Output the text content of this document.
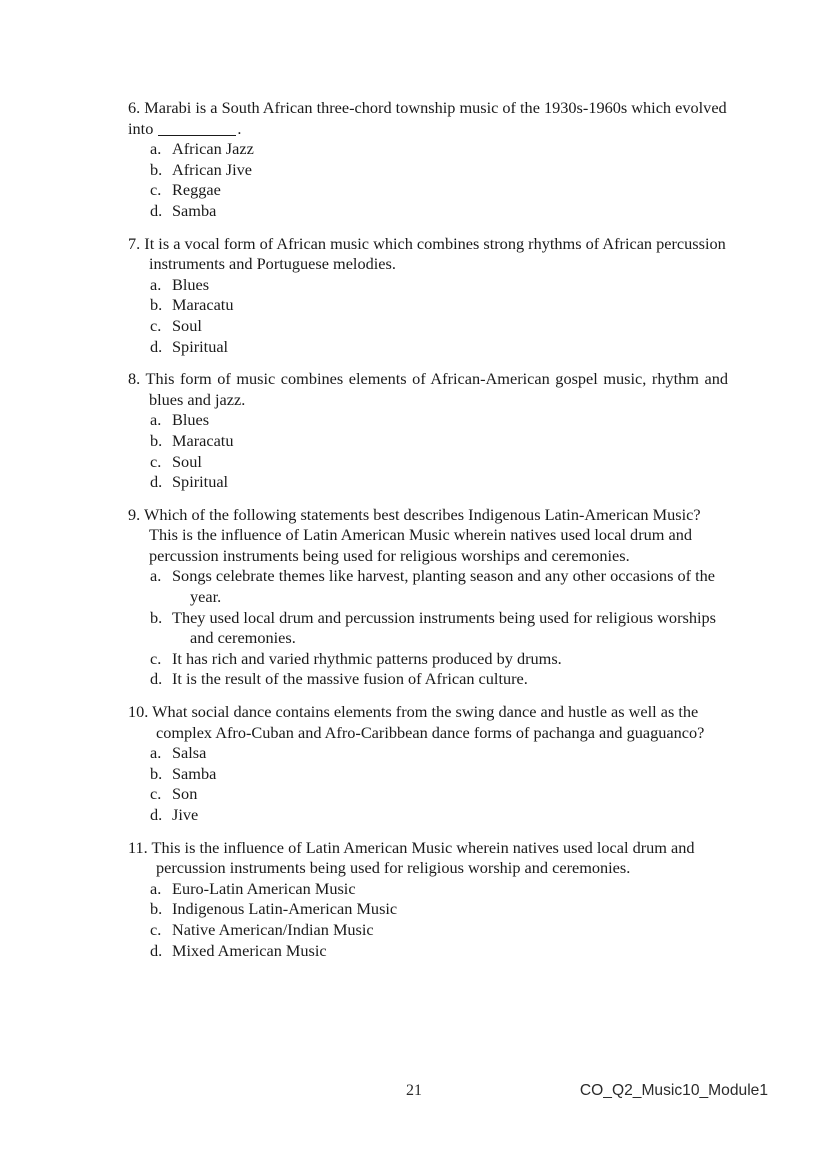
6. Marabi is a South African three-chord township music of the 1930s-1960s which evolved into	.
a. African Jazz
b. African Jive
c. Reggae
d. Samba
7. It is a vocal form of African music which combines strong rhythms of African percussion instruments and Portuguese melodies.
a. Blues
b. Maracatu
c. Soul
d. Spiritual
8. This form of music combines elements of African-American gospel music, rhythm and blues and jazz.
a. Blues
b. Maracatu
c. Soul
d. Spiritual
9. Which of the following statements best describes Indigenous Latin-American Music? This is the influence of Latin American Music wherein natives used local drum and percussion instruments being used for religious worships and ceremonies.
a. Songs celebrate themes like harvest, planting season and any other occasions of the year.
b. They used local drum and percussion instruments being used for religious worships and ceremonies.
c. It has rich and varied rhythmic patterns produced by drums.
d. It is the result of the massive fusion of African culture.
10. What social dance contains elements from the swing dance and hustle as well as the complex Afro-Cuban and Afro-Caribbean dance forms of pachanga and guaguanco?
a. Salsa
b. Samba
c. Son
d. Jive
11. This is the influence of Latin American Music wherein natives used local drum and percussion instruments being used for religious worship and ceremonies.
a. Euro-Latin American Music
b. Indigenous Latin-American Music
c. Native American/Indian Music
d. Mixed American Music
21	CO_Q2_Music10_Module1
